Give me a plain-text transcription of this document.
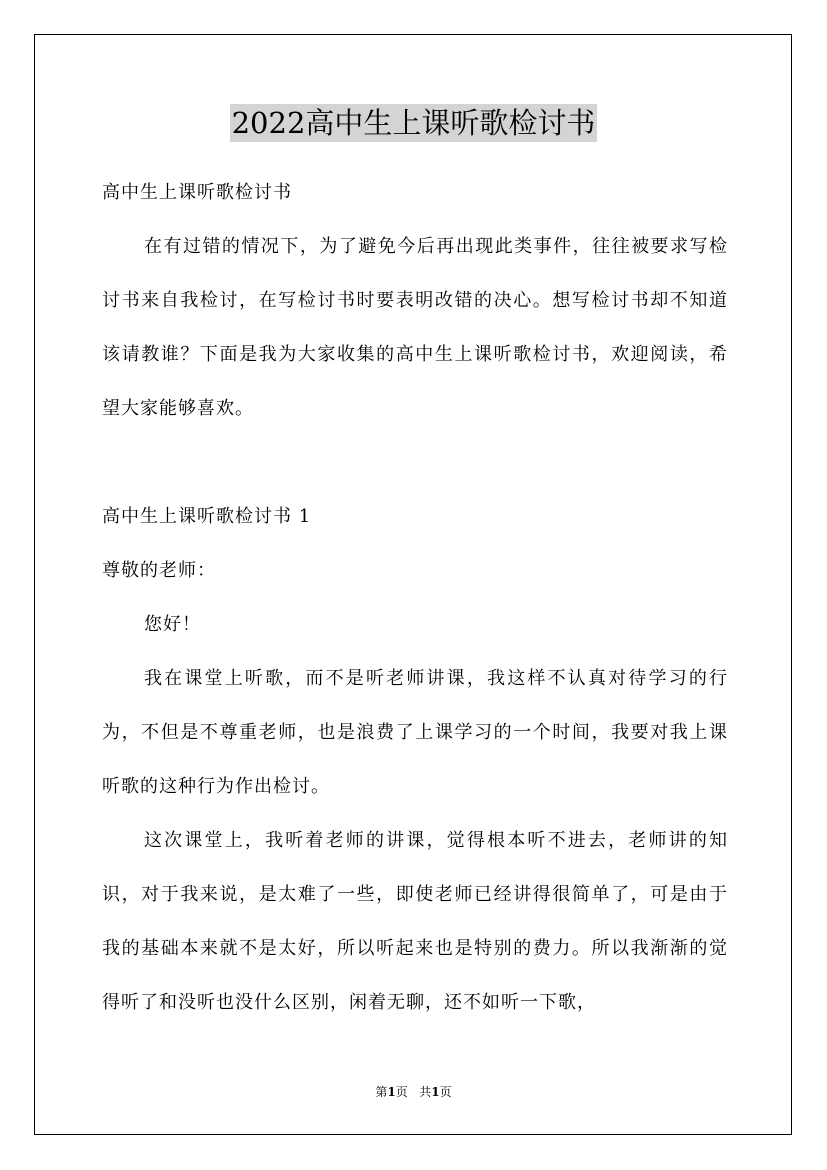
2022高中生上课听歌检讨书

高中生上课听歌检讨书

在有过错的情况下，为了避免今后再出现此类事件，往往被要求写检讨书来自我检讨，在写检讨书时要表明改错的决心。想写检讨书却不知道该请教谁？下面是我为大家收集的高中生上课听歌检讨书，欢迎阅读，希望大家能够喜欢。

高中生上课听歌检讨书 1

尊敬的老师：

您好！

我在课堂上听歌，而不是听老师讲课，我这样不认真对待学习的行为，不但是不尊重老师，也是浪费了上课学习的一个时间，我要对我上课听歌的这种行为作出检讨。

这次课堂上，我听着老师的讲课，觉得根本听不进去，老师讲的知识，对于我来说，是太难了一些，即使老师已经讲得很简单了，可是由于我的基础本来就不是太好，所以听起来也是特别的费力。所以我渐渐的觉得听了和没听也没什么区别，闲着无聊，还不如听一下歌，

第1页 共1页
